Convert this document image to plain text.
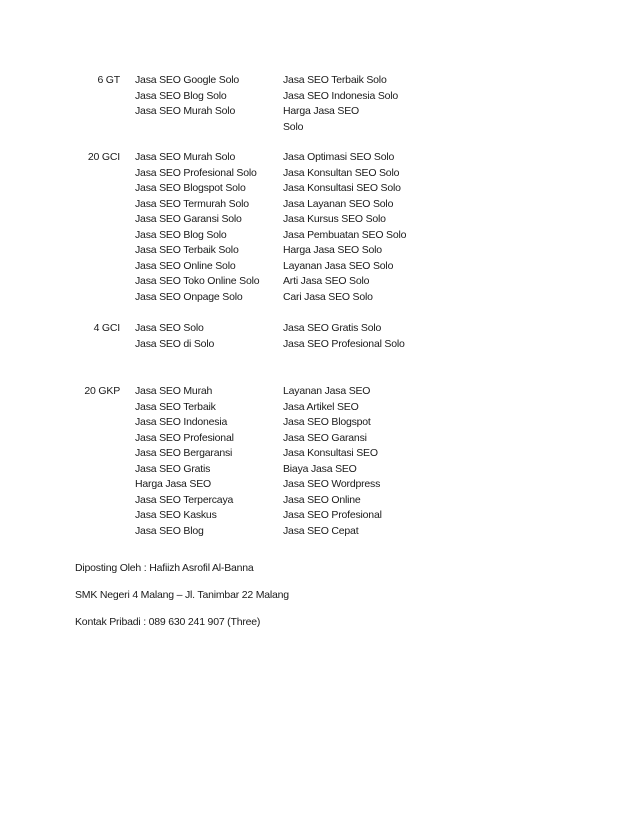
6 GT Jasa SEO Google Solo
Jasa SEO Blog Solo
Jasa SEO Murah Solo
Jasa SEO Terbaik Solo
Jasa SEO Indonesia Solo
Harga Jasa SEO
Solo
20 GCI Jasa SEO Murah Solo
Jasa SEO Profesional Solo
Jasa SEO Blogspot Solo
Jasa SEO Termurah Solo
Jasa SEO Garansi Solo
Jasa SEO Blog Solo
Jasa SEO Terbaik Solo
Jasa SEO Online Solo
Jasa SEO Toko Online Solo
Jasa SEO Onpage Solo
Jasa Optimasi SEO Solo
Jasa Konsultan SEO Solo
Jasa Konsultasi SEO Solo
Jasa Layanan SEO Solo
Jasa Kursus SEO Solo
Jasa Pembuatan SEO Solo
Harga Jasa SEO Solo
Layanan Jasa SEO Solo
Arti Jasa SEO Solo
Cari Jasa SEO Solo
4 GCI Jasa SEO Solo
Jasa SEO di Solo
Jasa SEO Gratis Solo
Jasa SEO Profesional Solo
20 GKP Jasa SEO Murah
Jasa SEO Terbaik
Jasa SEO Indonesia
Jasa SEO Profesional
Jasa SEO Bergaransi
Jasa SEO Gratis
Harga Jasa SEO
Jasa SEO Terpercaya
Jasa SEO Kaskus
Jasa SEO Blog
Layanan Jasa SEO
Jasa Artikel SEO
Jasa SEO Blogspot
Jasa SEO Garansi
Jasa Konsultasi SEO
Biaya Jasa SEO
Jasa SEO Wordpress
Jasa SEO Online
Jasa SEO Profesional
Jasa SEO Cepat
Diposting Oleh : Hafiizh Asrofil Al-Banna
SMK Negeri 4 Malang – Jl. Tanimbar 22 Malang
Kontak Pribadi : 089 630 241 907 (Three)
